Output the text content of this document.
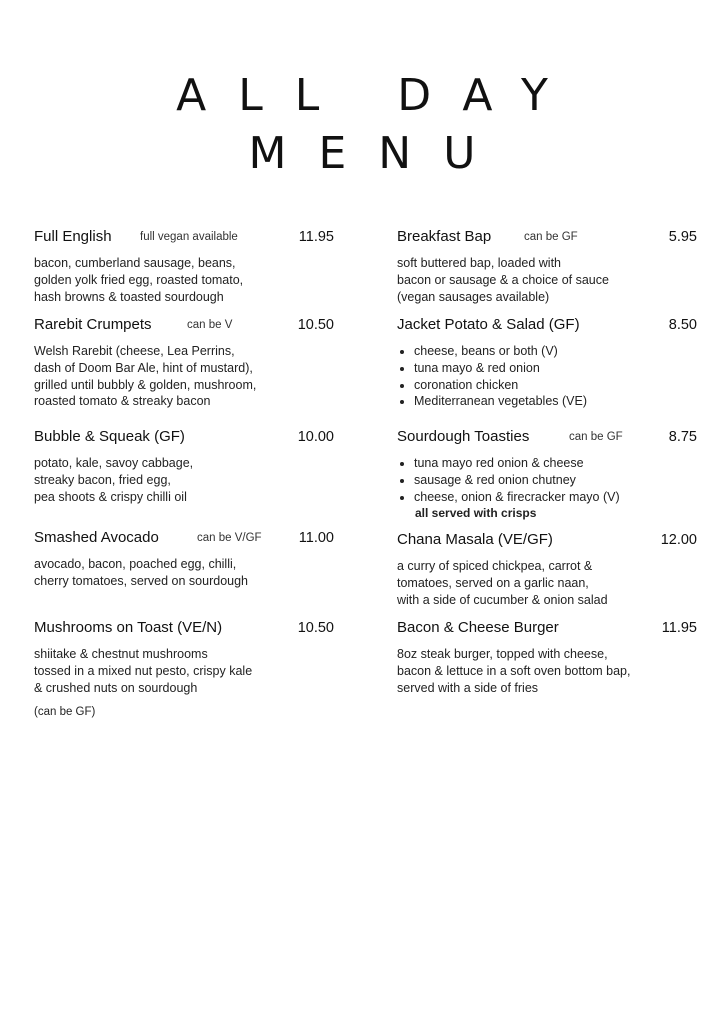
ALL DAY
MENU
Full English full vegan available	11.95
bacon, cumberland sausage, beans,
golden yolk fried egg, roasted tomato,
hash browns & toasted sourdough
Rarebit Crumpets	can be V	10.50
Welsh Rarebit (cheese, Lea Perrins,
dash of Doom Bar Ale, hint of mustard),
grilled until bubbly & golden, mushroom,
roasted tomato & streaky bacon
Bubble & Squeak (GF)	10.00
potato, kale, savoy cabbage,
streaky bacon, fried egg,
pea shoots & crispy chilli oil
Smashed Avocado	can be V/GF	11.00
avocado, bacon, poached egg, chilli,
cherry tomatoes, served on sourdough
Mushrooms on Toast (VE/N)	10.50
shiitake & chestnut mushrooms
tossed in a mixed nut pesto, crispy kale
& crushed nuts on sourdough
(can be GF)
Breakfast Bap	can be GF	5.95
soft buttered bap, loaded with
bacon or sausage & a choice of sauce
(vegan sausages available)
Jacket Potato & Salad (GF)	8.50
• cheese, beans or both (V)
• tuna mayo & red onion
• coronation chicken
• Mediterranean vegetables (VE)
Sourdough Toasties	can be GF	8.75
• tuna mayo red onion & cheese
• sausage & red onion chutney
• cheese, onion & firecracker mayo (V)
all served with crisps
Chana Masala (VE/GF)	12.00
a curry of spiced chickpea, carrot &
tomatoes, served on a garlic naan,
with a side of cucumber & onion salad
Bacon & Cheese Burger	11.95
8oz steak burger, topped with cheese,
bacon & lettuce in a soft oven bottom bap,
served with a side of fries
